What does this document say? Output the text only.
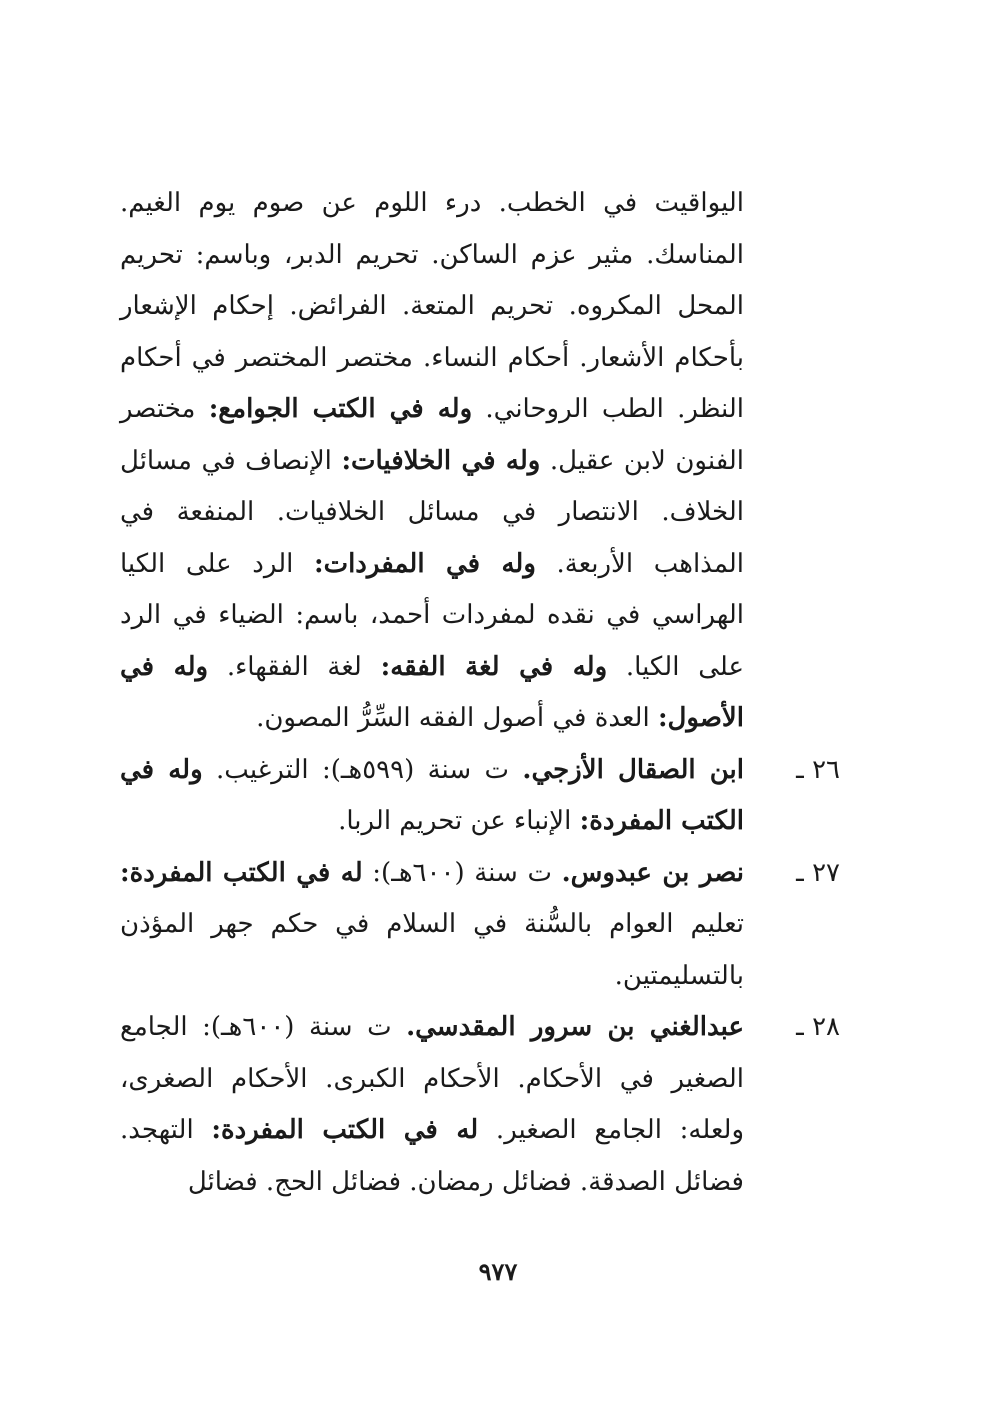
اليواقيت في الخطب. درء اللوم عن صوم يوم الغيم. المناسك. مثير عزم الساكن. تحريم الدبر، وباسم: تحريم المحل المكروه. تحريم المتعة. الفرائض. إحكام الإشعار بأحكام الأشعار. أحكام النساء. مختصر المختصر في أحكام النظر. الطب الروحاني. وله في الكتب الجوامع: مختصر الفنون لابن عقيل. وله في الخلافيات: الإنصاف في مسائل الخلاف. الانتصار في مسائل الخلافيات. المنفعة في المذاهب الأربعة. وله في المفردات: الرد على الكيا الهراسي في نقده لمفردات أحمد، باسم: الضياء في الرد على الكيا. وله في لغة الفقه: لغة الفقهاء. وله في الأصول: العدة في أصول الفقه السِّرُّ المصون.

٢٦ ـ
ابن الصقال الأزجي. ت سنة (٥٩٩هـ): الترغيب. وله في الكتب المفردة: الإنباء عن تحريم الربا.

٢٧ ـ
نصر بن عبدوس. ت سنة (٦٠٠هـ): له في الكتب المفردة: تعليم العوام بالسُّنة في السلام في حكم جهر المؤذن بالتسليمتين.

٢٨ ـ
عبدالغني بن سرور المقدسي. ت سنة (٦٠٠هـ): الجامع الصغير في الأحكام. الأحكام الكبرى. الأحكام الصغرى، ولعله: الجامع الصغير. له في الكتب المفردة: التهجد. فضائل الصدقة. فضائل رمضان. فضائل الحج. فضائل

٩٧٧
